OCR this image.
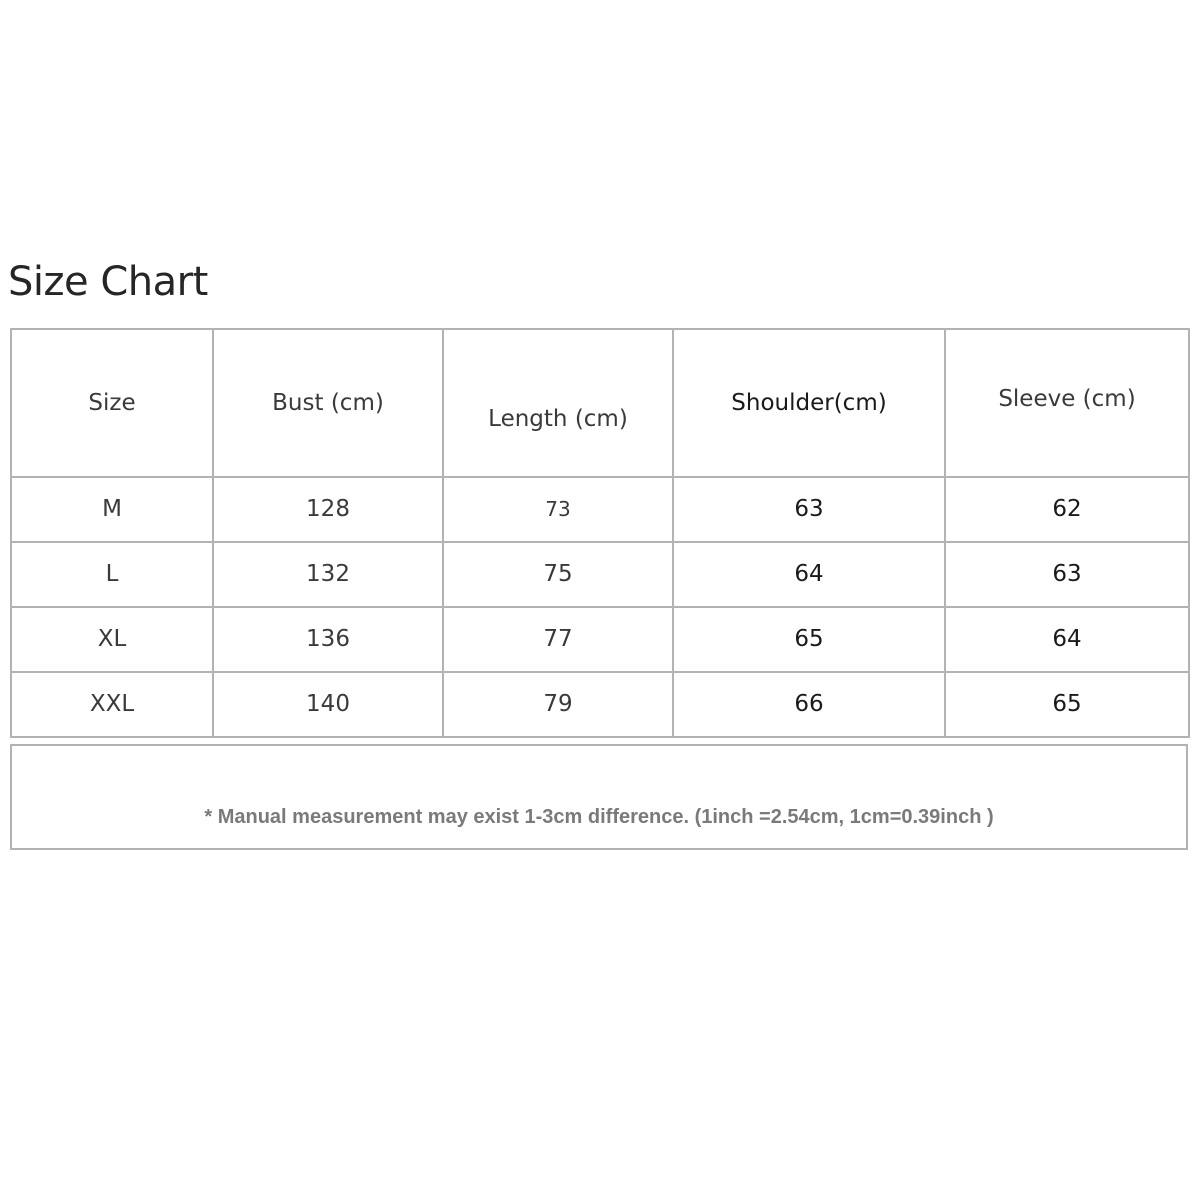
Size Chart
Size	Bust (cm)	Length (cm)	Shoulder(cm)	Sleeve (cm)
M	128	73	63	62
L	132	75	64	63
XL	136	77	65	64
XXL	140	79	66	65
* Manual measurement may exist 1-3cm difference. (1inch =2.54cm, 1cm=0.39inch )
